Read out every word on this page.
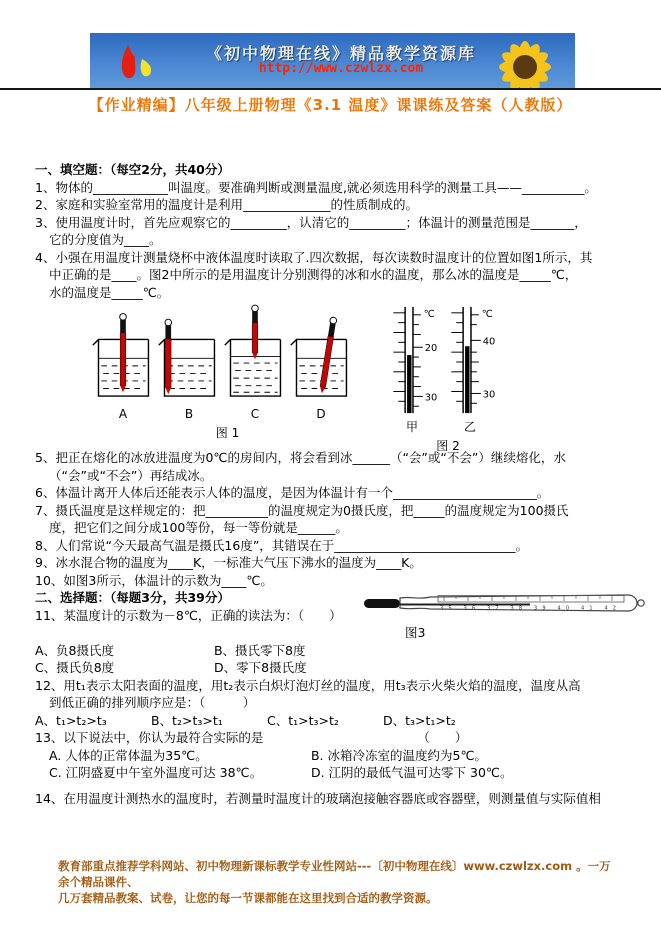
《初中物理在线》精品教学资源库
http://www.czwlzx.com
【作业精编】八年级上册物理《3.1 温度》课课练及答案（人教版）
一、填空题：（每空2分，共40分）
1、物体的____________叫温度。要准确判断或测量温度,就必须选用科学的测量工具——__________。
2、家庭和实验室常用的温度计是利用______________的性质制成的。
3、使用温度计时，首先应观察它的_________，认清它的_________；体温计的测量范围是_______，
它的分度值为____。
4、小强在用温度计测量烧杯中液体温度时读取了.四次数据，每次读数时温度计的位置如图1所示，其
中正确的是____。图2中所示的是用温度计分别测得的冰和水的温度，那么冰的温度是_____℃，
水的温度是_____℃。
A	B	C	D
图 1
℃
20
30
℃
40
30
甲	乙
图 2
5、把正在熔化的冰放进温度为0℃的房间内，将会看到冰______（“会”或“不会”）继续熔化，水
（“会”或“不会”）再结成冰。
6、体温计离开人体后还能表示人体的温度，是因为体温计有一个_______________________。
7、摄氏温度是这样规定的：把__________的温度规定为0摄氏度，把_____的温度规定为100摄氏
度，把它们之间分成100等份，每一等份就是______。
8、人们常说“今天最高气温是摄氏16度”，其错误在于_____________________________。
9、冰水混合物的温度为____K，一标准大气压下沸水的温度为____K。
10、如图3所示，体温计的示数为____℃。
二、选择题：（每题3分，共39分）
11、某温度计的示数为－8℃，正确的读法为：（　　）
图3
A、负8摄氏度	B、摄氏零下8度
C、摄氏负8度	D、零下8摄氏度
12、用t₁表示太阳表面的温度，用t₂表示白炽灯泡灯丝的温度，用t₃表示火柴火焰的温度，温度从高
到低正确的排列顺序应是：（　　　）
A、t₁>t₂>t₃	B、t₂>t₃>t₁	C、t₁>t₃>t₂	D、t₃>t₁>t₂
13、以下说法中，你认为最符合实际的是	（　　）
A. 人体的正常体温为35℃。	B. 冰箱冷冻室的温度约为5℃。
C. 江阴盛夏中午室外温度可达 38℃。	D. 江阴的最低气温可达零下 30℃。
14、在用温度计测热水的温度时，若测量时温度计的玻璃泡接触容器底或容器壁，则测量值与实际值相
35 36 37 38 39 40 41 42
教育部重点推荐学科网站、初中物理新课标教学专业性网站---〔初中物理在线〕www.czwlzx.com 。一万余个精品课件、
几万套精品教案、试卷，让您的每一节课都能在这里找到合适的教学资源。
